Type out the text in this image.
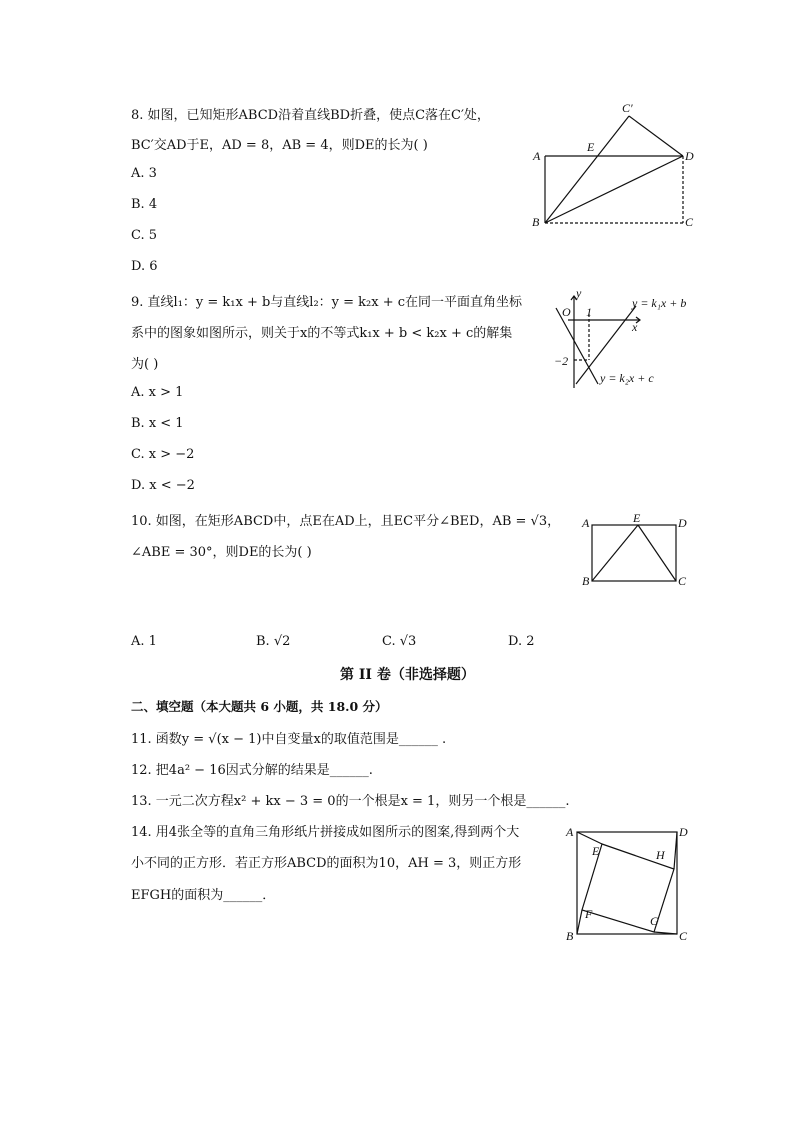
8. 如图，已知矩形ABCD沿着直线BD折叠，使点C落在C′处，
BC′交AD于E，AD = 8，AB = 4，则DE的长为( )
A. 3
B. 4
C. 5
D. 6
A
B	C
D
E
C′
9. 直线l₁：y = k₁x + b与直线l₂：y = k₂x + c在同一平面直角坐标
系中的图象如图所示，则关于x的不等式k₁x + b < k₂x + c的解集
为( )
A. x > 1
B. x < 1
C. x > −2
D. x < −2
y
x
O 1
−2
y = k₁x + b
y = k₂x + c
10. 如图，在矩形ABCD中，点E在AD上，且EC平分∠BED，AB = √3，
∠ABE = 30°，则DE的长为( )
A
B	C
D
E
A. 1	B. √2	C. √3	D. 2
第 II 卷（非选择题）
二、填空题（本大题共 6 小题，共 18.0 分）
11. 函数y = √(x − 1)中自变量x的取值范围是______ .
12. 把4a² − 16因式分解的结果是______.
13. 一元二次方程x² + kx − 3 = 0的一个根是x = 1，则另一个根是______.
14. 用4张全等的直角三角形纸片拼接成如图所示的图案,得到两个大
小不同的正方形．若正方形ABCD的面积为10，AH = 3，则正方形
EFGH的面积为______．
A
B	C
D
E
F	G
H
